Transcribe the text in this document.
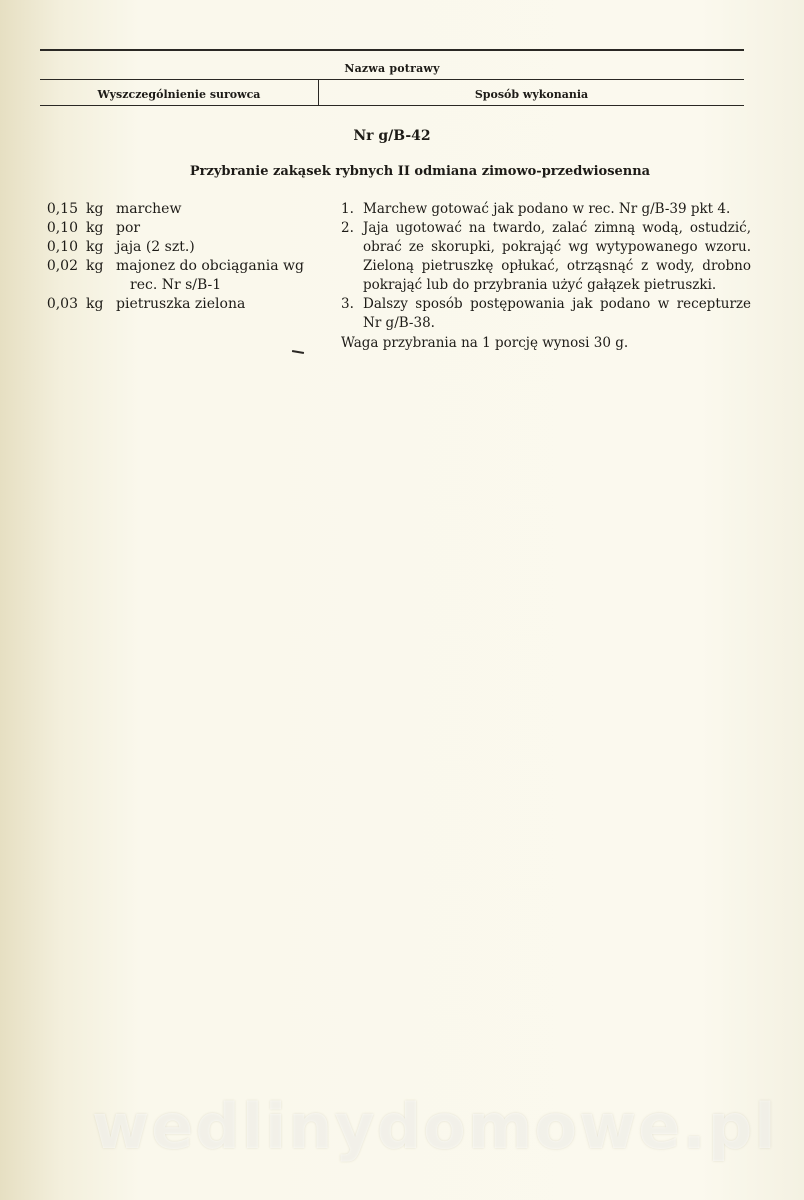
Nazwa potrawy
Wyszczególnienie surowca	Sposób wykonania
Nr g/B-42
Przybranie zakąsek rybnych II odmiana zimowo-przedwiosenna
0,15 kg marchew
0,10 kg por
0,10 kg jaja (2 szt.)
0,02 kg majonez do obciągania wg
rec. Nr s/B-1
0,03 kg pietruszka zielona
1. Marchew gotować jak podano w rec. Nr g/B-39 pkt 4.
2. Jaja ugotować na twardo, zalać zimną wodą, ostudzić, obrać ze skorupki, pokrająć wg wytypowanego wzoru. Zieloną pietruszkę opłukać, otrząsnąć z wody, drobno pokrająć lub do przybrania użyć gałązek pietruszki.
3. Dalszy sposób postępowania jak podano w recepturze Nr g/B-38.
Waga przybrania na 1 porcję wynosi 30 g.
wedlinydomowe.pl
